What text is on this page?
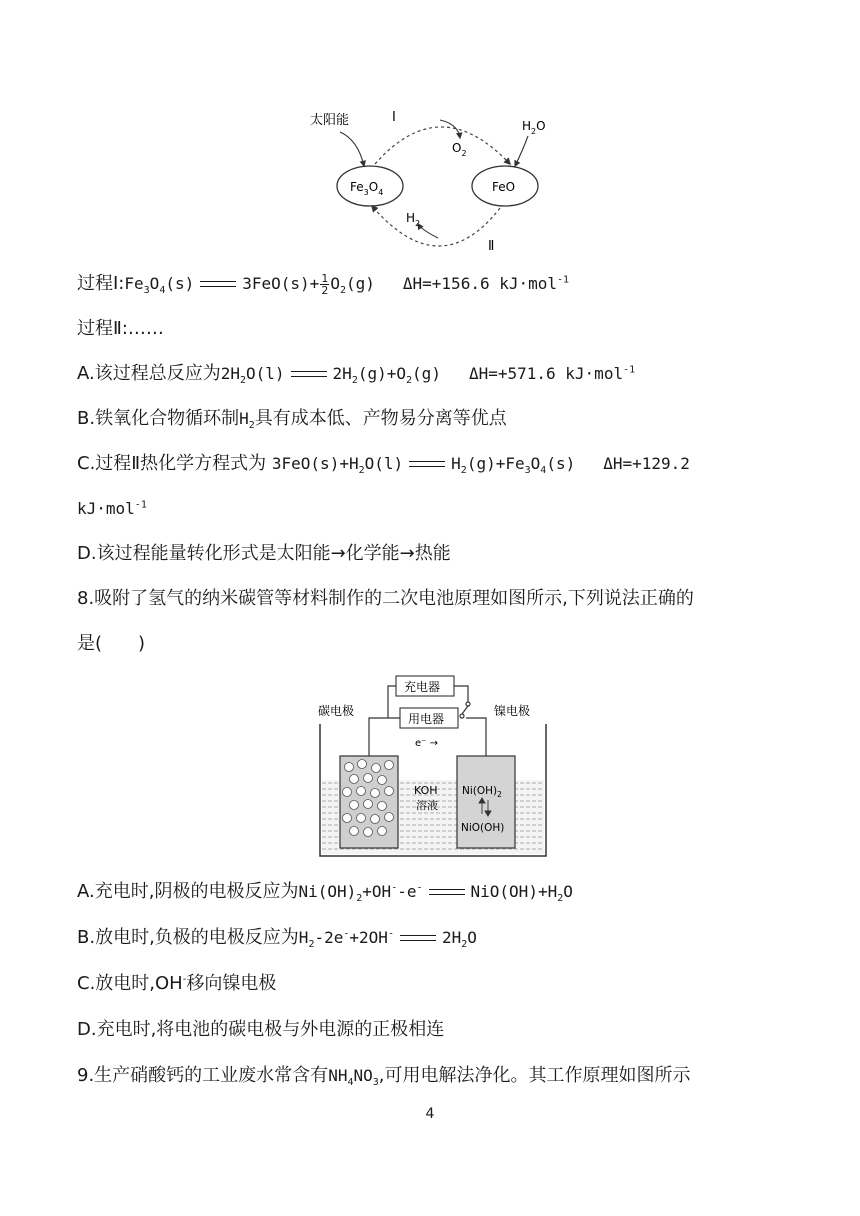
太阳能	Ⅰ
Ⅱ
$O_2$
$H_2O$
$H_2$
$Fe_3O_4$	FeO
过程$Ⅰ:Fe_3O_4(s)$	$3FeO(s)+ \frac{1}{2} O_2(g)$ ΔH=+156.6 kJ·mol$^{-1}$
过程Ⅱ:……
A.该过程总反应为$2H_2O(l)$	$2H_2(g)+O_2(g)$ ΔH=+571.6 kJ·mol$^{-1}$
B.铁氧化合物循环制$H_2$具有成本低、产物易分离等优点
C.过程Ⅱ热化学方程式为 $3FeO(s)+H_2O(l)$	$H_2(g)+Fe_3O_4(s)$ ΔH=+129.2
kJ·mol$^{-1}$
D.该过程能量转化形式是太阳能→化学能→热能
8.吸附了氢气的纳米碳管等材料制作的二次电池原理如图所示,下列说法正确的
是(　　)
充电器
用电器
碳电极	镍电极
e⁻ →
KOH
溶液
$Ni(OH)_2$
NiO(OH)
A.充电时,阴极的电极反应为$Ni(OH)_2+OH^--e^-$	$NiO(OH)+H_2O$
B.放电时,负极的电极反应为$H_2-2e^-+2OH^-$	$2H_2O$
C.放电时,OH-移向镍电极
D.充电时,将电池的碳电极与外电源的正极相连
9.生产硝酸钙的工业废水常含有$NH_4NO_3$,可用电解法净化。其工作原理如图所示
4
